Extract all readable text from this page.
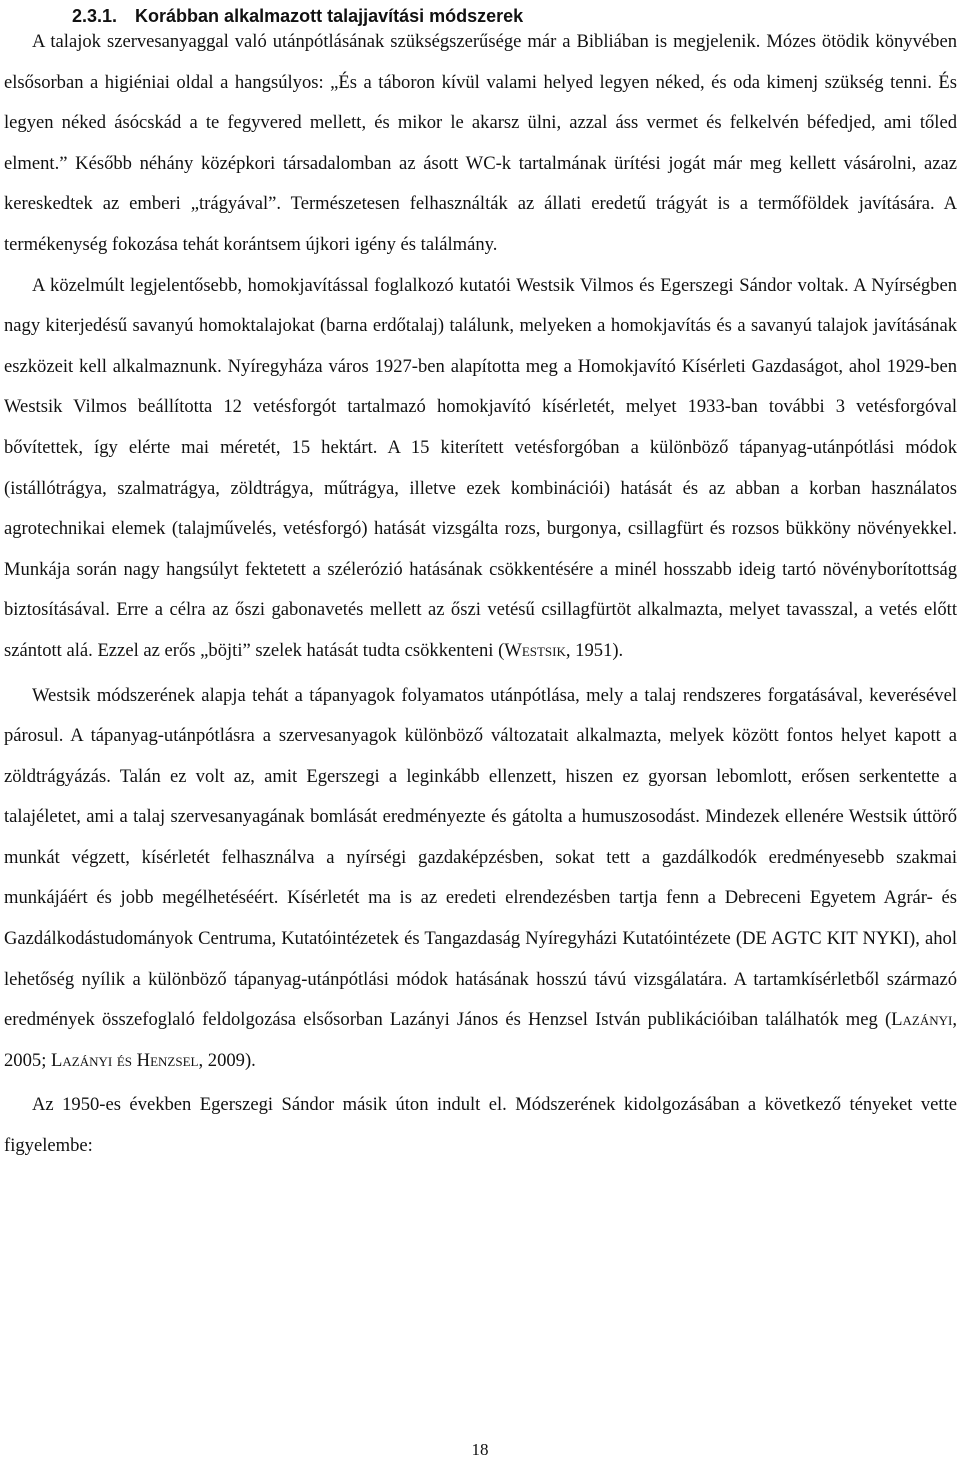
2.3.1. Korábban alkalmazott talajjavítási módszerek

A talajok szervesanyaggal való utánpótlásának szükségszerűsége már a Bibliában is megjelenik. Mózes ötödik könyvében elsősorban a higiéniai oldal a hangsúlyos: „És a táboron kívül valami helyed legyen néked, és oda kimenj szükség tenni. És legyen néked ásócskád a te fegyvered mellett, és mikor le akarsz ülni, azzal áss vermet és felkelvén béfedjed, ami tőled elment.” Később néhány középkori társadalomban az ásott WC-k tartalmának ürítési jogát már meg kellett vásárolni, azaz kereskedtek az emberi „trágyával”. Természetesen felhasználták az állati eredetű trágyát is a termőföldek javítására. A termékenység fokozása tehát korántsem újkori igény és találmány.

A közelmúlt legjelentősebb, homokjavítással foglalkozó kutatói Westsik Vilmos és Egerszegi Sándor voltak. A Nyírségben nagy kiterjedésű savanyú homoktalajokat (barna erdőtalaj) találunk, melyeken a homokjavítás és a savanyú talajok javításának eszközeit kell alkalmaznunk. Nyíregyháza város 1927-ben alapította meg a Homokjavító Kísérleti Gazdaságot, ahol 1929-ben Westsik Vilmos beállította 12 vetésforgót tartalmazó homokjavító kísérletét, melyet 1933-ban további 3 vetésforgóval bővítettek, így elérte mai méretét, 15 hektárt. A 15 kiterített vetésforgóban a különböző tápanyag-utánpótlási módok (istállótrágya, szalmatrágya, zöldtrágya, műtrágya, illetve ezek kombinációi) hatását és az abban a korban használatos agrotechnikai elemek (talajművelés, vetésforgó) hatását vizsgálta rozs, burgonya, csillagfürt és rozsos bükköny növényekkel. Munkája során nagy hangsúlyt fektetett a szélerózió hatásának csökkentésére a minél hosszabb ideig tartó növényborítottság biztosításával. Erre a célra az őszi gabonavetés mellett az őszi vetésű csillagfürtöt alkalmazta, melyet tavasszal, a vetés előtt szántott alá. Ezzel az erős „böjti” szelek hatását tudta csökkenteni (Westsik, 1951).

Westsik módszerének alapja tehát a tápanyagok folyamatos utánpótlása, mely a talaj rendszeres forgatásával, keverésével párosul. A tápanyag-utánpótlásra a szervesanyagok különböző változatait alkalmazta, melyek között fontos helyet kapott a zöldtrágyázás. Talán ez volt az, amit Egerszegi a leginkább ellenzett, hiszen ez gyorsan lebomlott, erősen serkentette a talajéletet, ami a talaj szervesanyagának bomlását eredményezte és gátolta a humuszosodást. Mindezek ellenére Westsik úttörő munkát végzett, kísérletét felhasználva a nyírségi gazdaképzésben, sokat tett a gazdálkodók eredményesebb szakmai munkájáért és jobb megélhetéséért. Kísérletét ma is az eredeti elrendezésben tartja fenn a Debreceni Egyetem Agrár- és Gazdálkodástudományok Centruma, Kutatóintézetek és Tangazdaság Nyíregyházi Kutatóintézete (DE AGTC KIT NYKI), ahol lehetőség nyílik a különböző tápanyag-utánpótlási módok hatásának hosszú távú vizsgálatára. A tartamkísérletből származó eredmények összefoglaló feldolgozása elsősorban Lazányi János és Henzsel István publikációiban találhatók meg (Lazányi, 2005; Lazányi és Henzsel, 2009).

Az 1950-es években Egerszegi Sándor másik úton indult el. Módszerének kidolgozásában a következő tényeket vette figyelembe:

18
